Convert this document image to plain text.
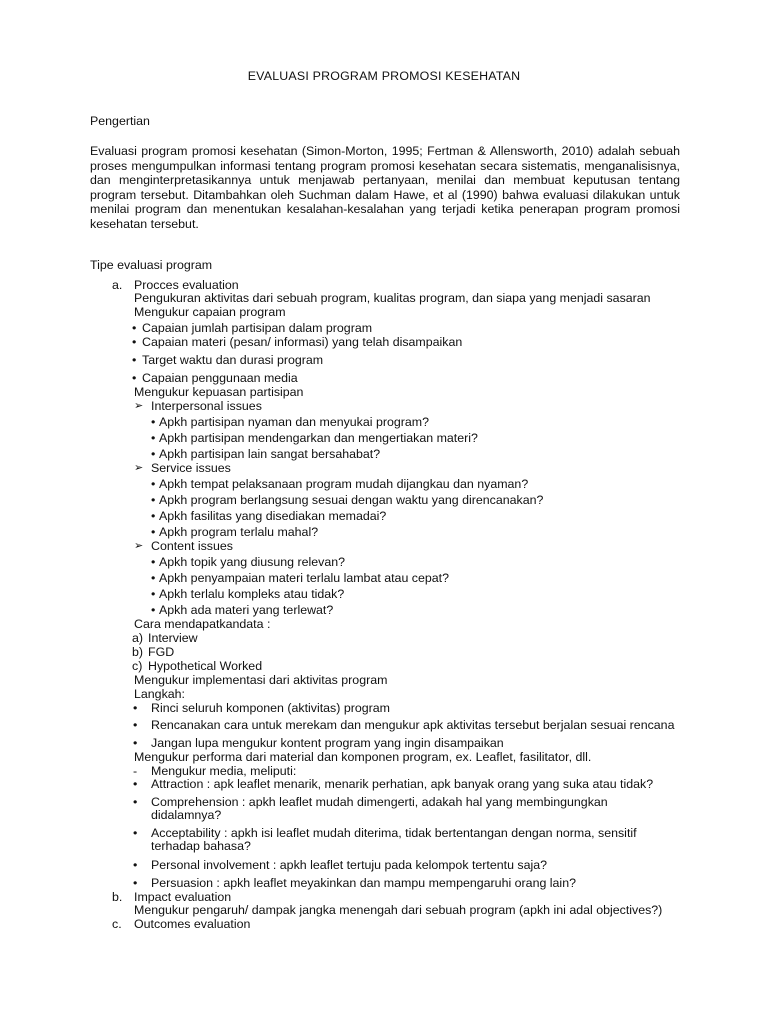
EVALUASI PROGRAM PROMOSI KESEHATAN

Pengertian

Evaluasi program promosi kesehatan (Simon-Morton, 1995; Fertman & Allensworth, 2010) adalah sebuah proses mengumpulkan informasi tentang program promosi kesehatan secara sistematis, menganalisisnya, dan menginterpretasikannya untuk menjawab pertanyaan, menilai dan membuat keputusan tentang program tersebut. Ditambahkan oleh Suchman dalam Hawe, et al (1990) bahwa evaluasi dilakukan untuk menilai program dan menentukan kesalahan-kesalahan yang terjadi ketika penerapan program promosi kesehatan tersebut.

Tipe evaluasi program

a. Procces evaluation

Pengukuran aktivitas dari sebuah program, kualitas program, dan siapa yang menjadi sasaran

Mengukur capaian program

• Capaian jumlah partisipan dalam program
• Capaian materi (pesan/ informasi) yang telah disampaikan
• Target waktu dan durasi program
• Capaian penggunaan media

Mengukur kepuasan partisipan

➢ Interpersonal issues
• Apkh partisipan nyaman dan menyukai program?
• Apkh partisipan mendengarkan dan mengertiakan materi?
• Apkh partisipan lain sangat bersahabat?
➢ Service issues
• Apkh tempat pelaksanaan program mudah dijangkau dan nyaman?
• Apkh program berlangsung sesuai dengan waktu yang direncanakan?
• Apkh fasilitas yang disediakan memadai?
• Apkh program terlalu mahal?
➢ Content issues
• Apkh topik yang diusung relevan?
• Apkh penyampaian materi terlalu lambat atau cepat?
• Apkh terlalu kompleks atau tidak?
• Apkh ada materi yang terlewat?

Cara mendapatkandata :

a) Interview
b) FGD
c) Hypothetical Worked

Mengukur implementasi dari aktivitas program

Langkah:

• Rinci seluruh komponen (aktivitas) program
• Rencanakan cara untuk merekam dan mengukur apk aktivitas tersebut berjalan sesuai rencana
• Jangan lupa mengukur kontent program yang ingin disampaikan

Mengukur performa dari material dan komponen program, ex. Leaflet, fasilitator, dll.

- Mengukur media, meliputi:
• Attraction : apk leaflet menarik, menarik perhatian, apk banyak orang yang suka atau tidak?
• Comprehension : apkh leaflet mudah dimengerti, adakah hal yang membingungkan didalamnya?
• Acceptability : apkh isi leaflet mudah diterima, tidak bertentangan dengan norma, sensitif terhadap bahasa?
• Personal involvement : apkh leaflet tertuju pada kelompok tertentu saja?
• Persuasion : apkh leaflet meyakinkan dan mampu mempengaruhi orang lain?
b. Impact evaluation

Mengukur pengaruh/ dampak jangka menengah dari sebuah program (apkh ini adal objectives?)

c. Outcomes evaluation
